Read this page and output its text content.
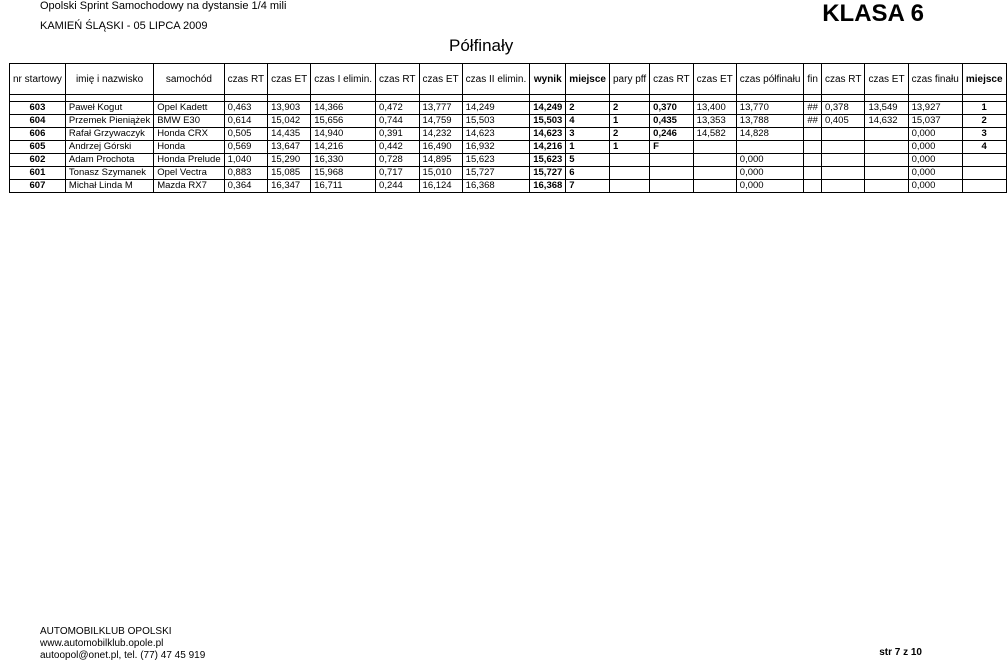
Opolski Sprint Samochodowy na dystansie 1/4 mili
KAMIEŃ ŚLĄSKI - 05 LIPCA 2009	KLASA 6
Półfinały
nr startowy	imię i nazwisko	samochód	czas RT	czas ET	czas I elimin.	czas RT	czas ET	czas II elimin.	wynik	miejsce	pary pff	czas RT	czas ET	czas półfinału	fin	czas RT	czas ET	czas finału	miejsce

603	Paweł Kogut	Opel Kadett	0,463	13,903	14,366	0,472	13,777	14,249	14,249	2	2	0,370	13,400	13,770	##	0,378	13,549	13,927	1
604	Przemek Pieniążek	BMW E30	0,614	15,042	15,656	0,744	14,759	15,503	15,503	4	1	0,435	13,353	13,788	##	0,405	14,632	15,037	2
606	Rafał Grzywaczyk	Honda CRX	0,505	14,435	14,940	0,391	14,232	14,623	14,623	3	2	0,246	14,582	14,828				0,000	3
605	Andrzej Górski	Honda	0,569	13,647	14,216	0,442	16,490	16,932	14,216	1	1	F						0,000	4
602	Adam Prochota	Honda Prelude	1,040	15,290	16,330	0,728	14,895	15,623	15,623	5				0,000				0,000	
601	Tonasz Szymanek	Opel Vectra	0,883	15,085	15,968	0,717	15,010	15,727	15,727	6				0,000				0,000	
607	Michał Linda M	Mazda RX7	0,364	16,347	16,711	0,244	16,124	16,368	16,368	7				0,000				0,000	
AUTOMOBILKLUB OPOLSKI
www.automobilklub.opole.pl
autoopol@onet.pl, tel. (77) 47 45 919	str 7 z 10
